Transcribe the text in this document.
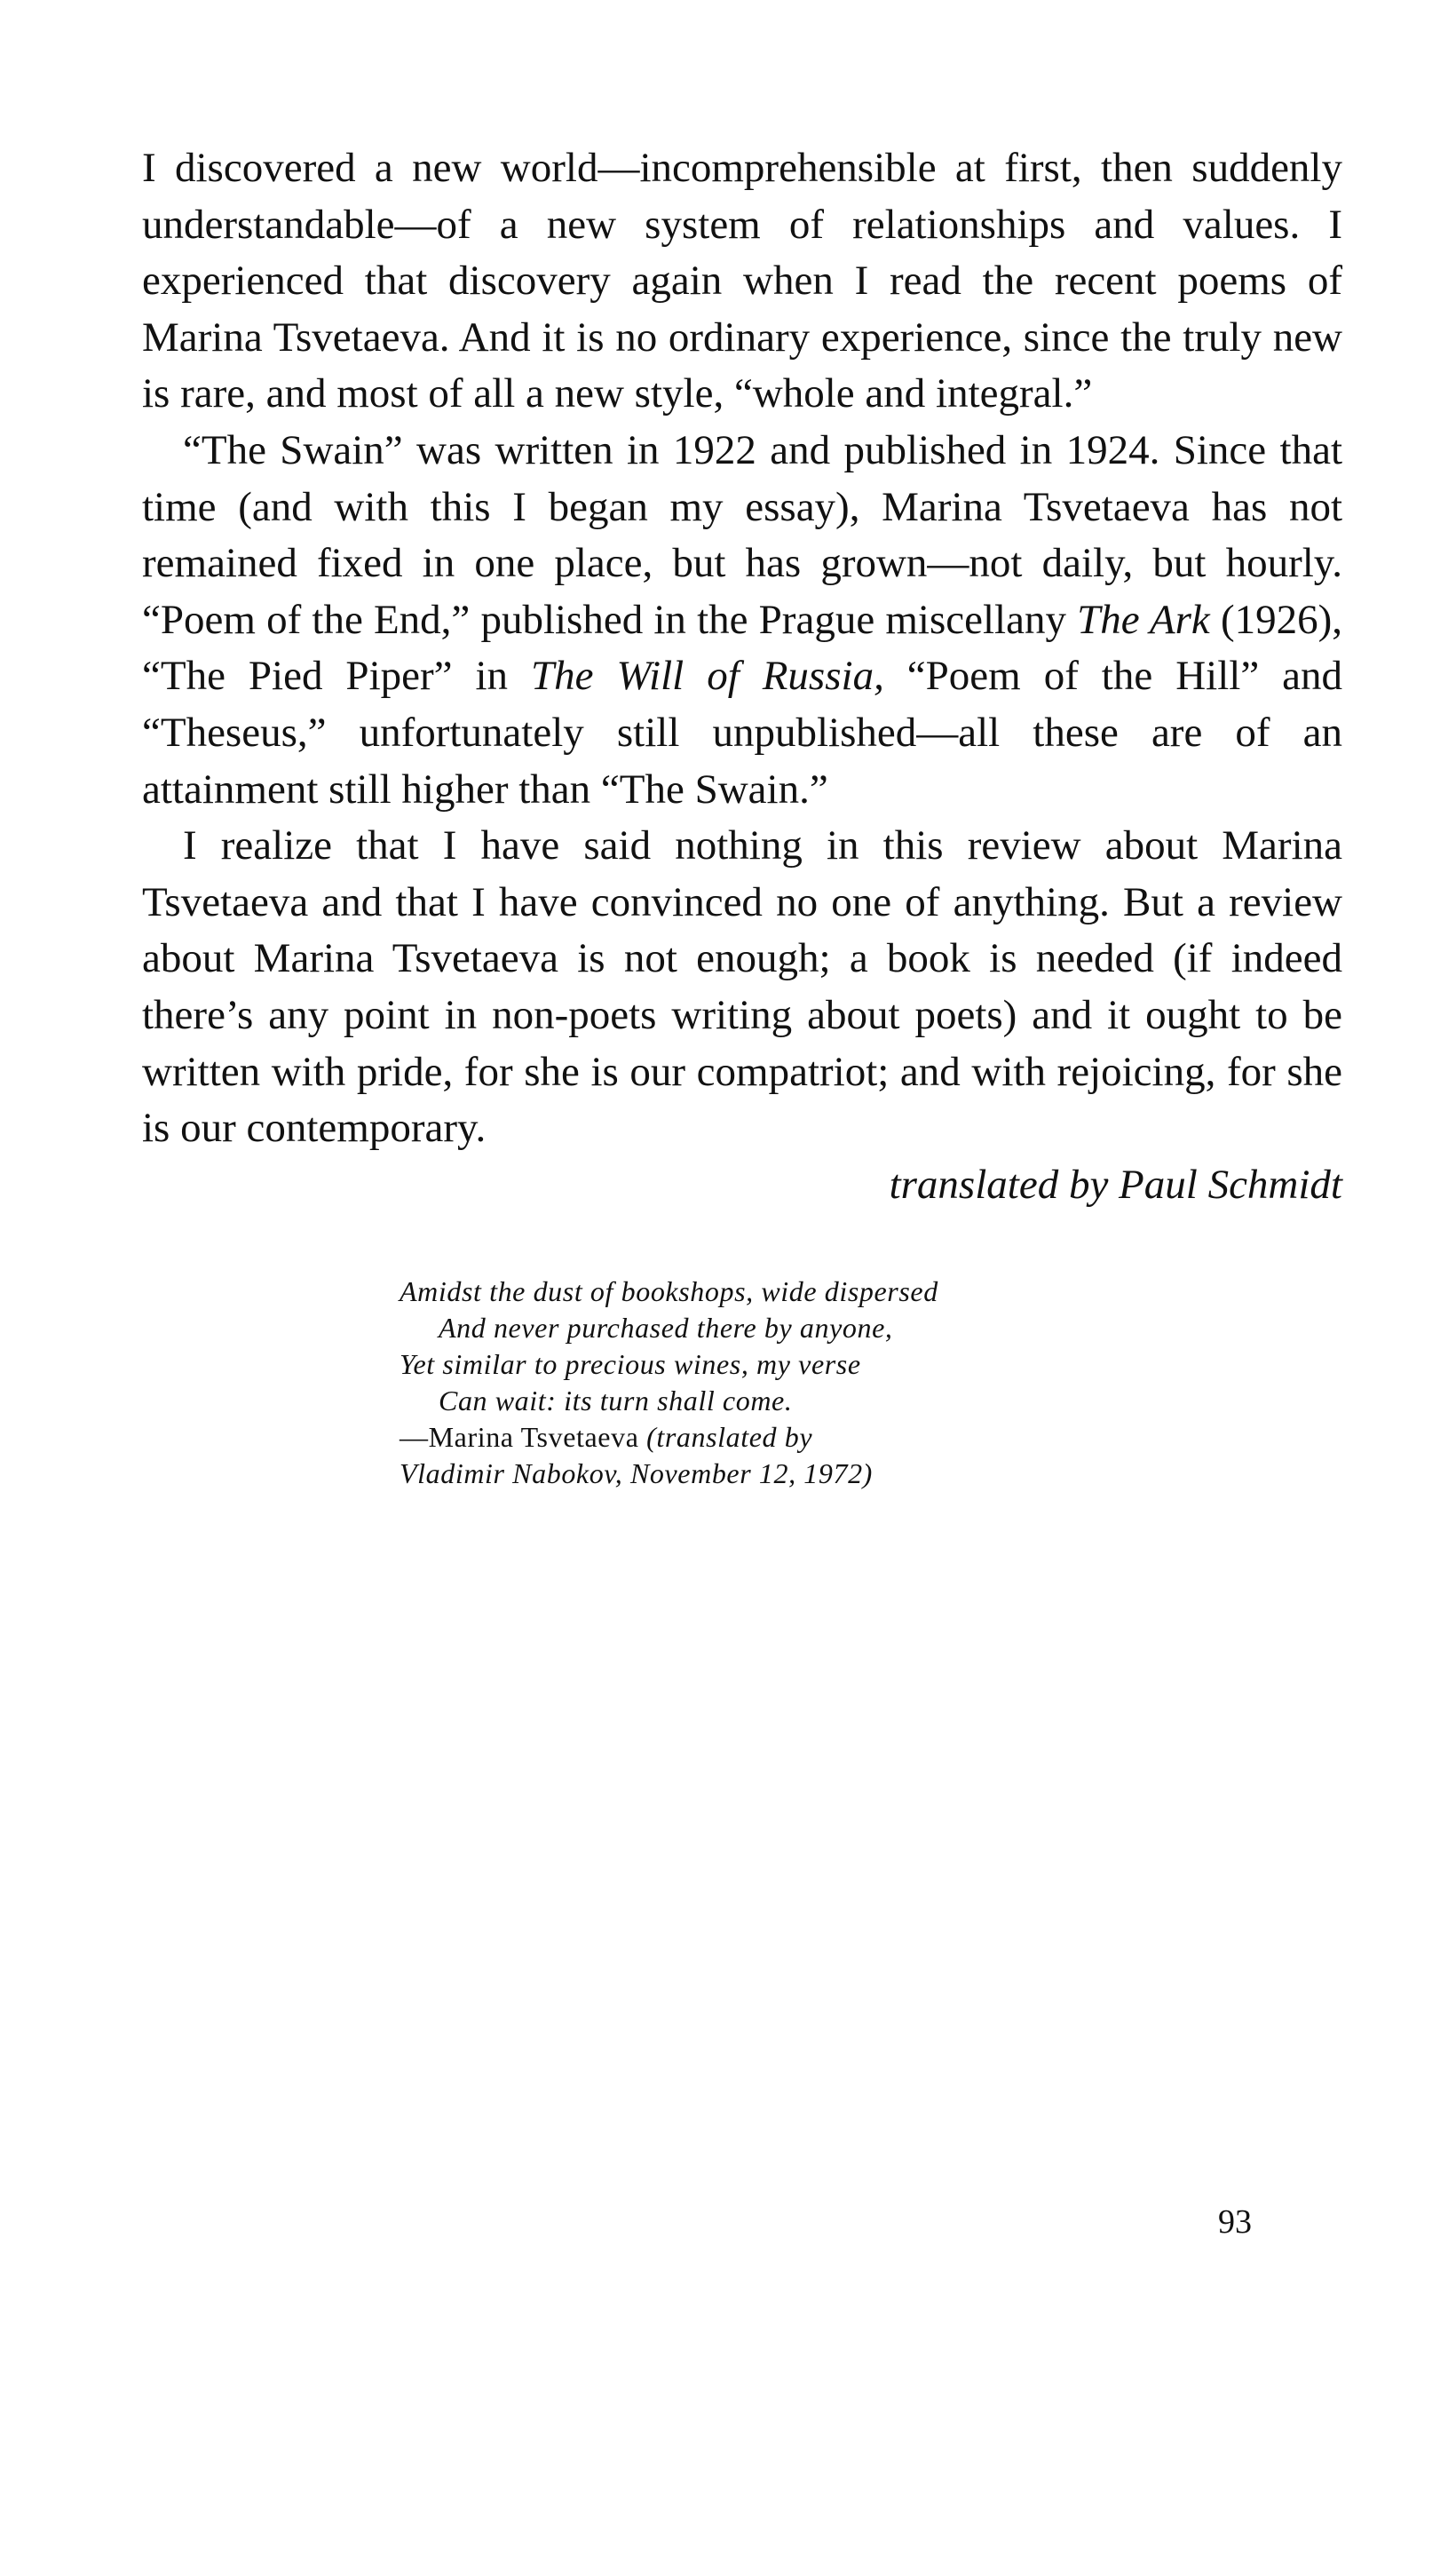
I discovered a new world—incomprehensible at first, then suddenly understandable—of a new system of relationships and values. I experienced that discovery again when I read the recent poems of Marina Tsvetaeva. And it is no ordinary experience, since the truly new is rare, and most of all a new style, “whole and integral.”

“The Swain” was written in 1922 and published in 1924. Since that time (and with this I began my essay), Marina Tsvetaeva has not remained fixed in one place, but has grown—not daily, but hourly. “Poem of the End,” published in the Prague miscellany The Ark (1926), “The Pied Piper” in The Will of Russia, “Poem of the Hill” and “Theseus,” unfortunately still unpublished—all these are of an attainment still higher than “The Swain.”

I realize that I have said nothing in this review about Marina Tsvetaeva and that I have convinced no one of anything. But a review about Marina Tsvetaeva is not enough; a book is needed (if indeed there’s any point in non-poets writing about poets) and it ought to be written with pride, for she is our compatriot; and with rejoicing, for she is our contemporary.

translated by Paul Schmidt

Amidst the dust of bookshops, wide dispersed
And never purchased there by anyone,
Yet similar to precious wines, my verse
Can wait: its turn shall come.
—Marina Tsvetaeva (translated by
Vladimir Nabokov, November 12, 1972)
93
